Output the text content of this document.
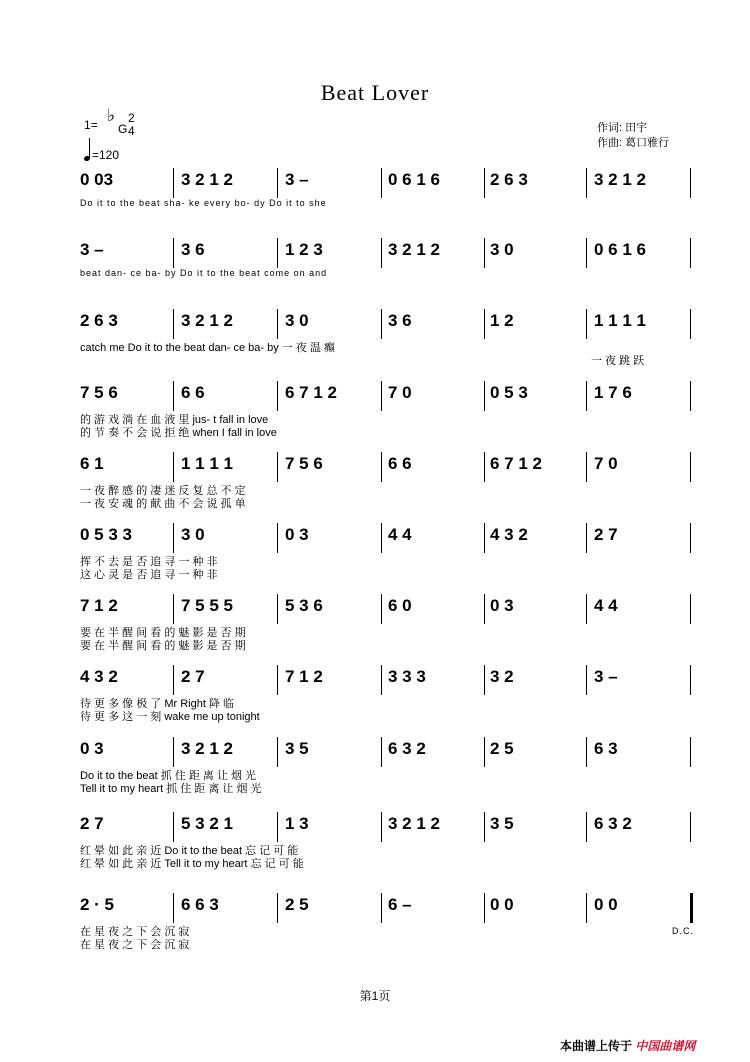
Beat Lover
1= ♭
G
2
4
=120
作词: 田宇
作曲: 葛口雅行
0 03	3 2 1 2	3 –	0 6 1 6	2 6 3	3 2 1 2
Do it to the beat sha- ke every bo- dy Do it to she
3 –	3 6	1 2 3	3 2 1 2	3 0	0 6 1 6
beat dan- ce ba- by Do it to the beat come on and
2 6 3	3 2 1 2	3 0	3 6	1 2	1 1 1 1
catch me Do it to the beat dan- ce ba- by 一 夜 温 癫
一 夜 跳 跃
7 5 6	6 6	6 7 1 2	7 0	0 5 3	1 7 6
的 游 戏 淌 在 血 液 里 jus- t fall in love
的 节 奏 不 会 说 拒 绝 when I fall in love
6 1	1 1 1 1	7 5 6	6 6	6 7 1 2	7 0
一 夜 醉 感 的 凄 迷 反 复 总 不 定
一 夜 安 魂 的 献 曲 不 会 说 孤 单
0 5 3 3	3 0	0 3	4 4	4 3 2	2 7
挥 不 去 是 否 追 寻 一 种 非
这 心 灵 是 否 追 寻 一 种 非
7 1 2	7 5 5 5	5 3 6	6 0	0 3	4 4
要 在 半 醒 间 看 的 魅 影 是 否 期
要 在 半 醒 间 看 的 魅 影 是 否 期
4 3 2	2 7	7 1 2	3 3 3	3 2	3 –
待 更 多 像 极 了 Mr Right 降 临
待 更 多 这 一 刻 wake me up tonight
0 3	3 2 1 2	3 5	6 3 2	2 5	6 3
Do it to the beat 抓 住 距 离 让 烟 光
Tell it to my heart 抓 住 距 离 让 烟 光
2 7	5 3 2 1	1 3	3 2 1 2	3 5	6 3 2
红 晕 如 此 亲 近 Do it to the beat 忘 记 可 能
红 晕 如 此 亲 近 Tell it to my heart 忘 记 可 能
2 · 5	6 6 3	2 5	6 –	0 0	0 0
在 星 夜 之 下 会 沉 寂
在 星 夜 之 下 会 沉 寂
D.C.
第1页
本曲谱上传于 中国曲谱网
